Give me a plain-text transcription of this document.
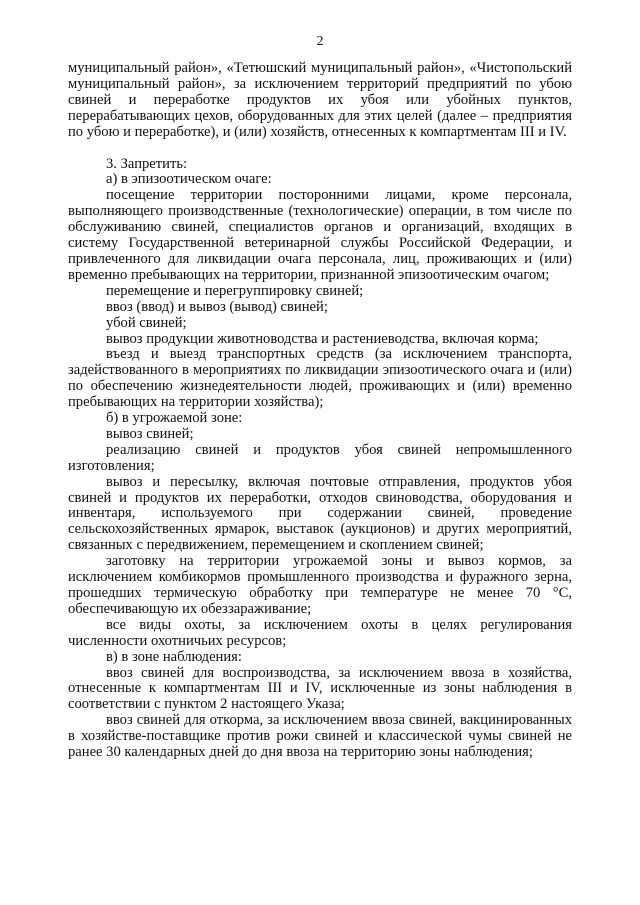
2

муниципальный район», «Тетюшский муниципальный район», «Чистопольский муниципальный район», за исключением территорий предприятий по убою свиней и переработке продуктов их убоя или убойных пунктов, перерабатывающих цехов, оборудованных для этих целей (далее – предприятия по убою и переработке), и (или) хозяйств, отнесенных к компартментам III и IV.

3. Запретить:

а) в эпизоотическом очаге:

посещение территории посторонними лицами, кроме персонала, выполняющего производственные (технологические) операции, в том числе по обслуживанию свиней, специалистов органов и организаций, входящих в систему Государственной ветеринарной службы Российской Федерации, и привлеченного для ликвидации очага персонала, лиц, проживающих и (или) временно пребывающих на территории, признанной эпизоотическим очагом;

перемещение и перегруппировку свиней;

ввоз (ввод) и вывоз (вывод) свиней;

убой свиней;

вывоз продукции животноводства и растениеводства, включая корма;

въезд и выезд транспортных средств (за исключением транспорта, задействованного в мероприятиях по ликвидации эпизоотического очага и (или) по обеспечению жизнедеятельности людей, проживающих и (или) временно пребывающих на территории хозяйства);

б) в угрожаемой зоне:

вывоз свиней;

реализацию свиней и продуктов убоя свиней непромышленного изготовления;

вывоз и пересылку, включая почтовые отправления, продуктов убоя свиней и продуктов их переработки, отходов свиноводства, оборудования и инвентаря, используемого при содержании свиней, проведение сельскохозяйственных ярмарок, выставок (аукционов) и других мероприятий, связанных с передвижением, перемещением и скоплением свиней;

заготовку на территории угрожаемой зоны и вывоз кормов, за исключением комбикормов промышленного производства и фуражного зерна, прошедших термическую обработку при температуре не менее 70 °С, обеспечивающую их обеззараживание;

все виды охоты, за исключением охоты в целях регулирования численности охотничьих ресурсов;

в) в зоне наблюдения:

ввоз свиней для воспроизводства, за исключением ввоза в хозяйства, отнесенные к компартментам III и IV, исключенные из зоны наблюдения в соответствии с пунктом 2 настоящего Указа;

ввоз свиней для откорма, за исключением ввоза свиней, вакцинированных в хозяйстве-поставщике против рожи свиней и классической чумы свиней не ранее 30 календарных дней до дня ввоза на территорию зоны наблюдения;
